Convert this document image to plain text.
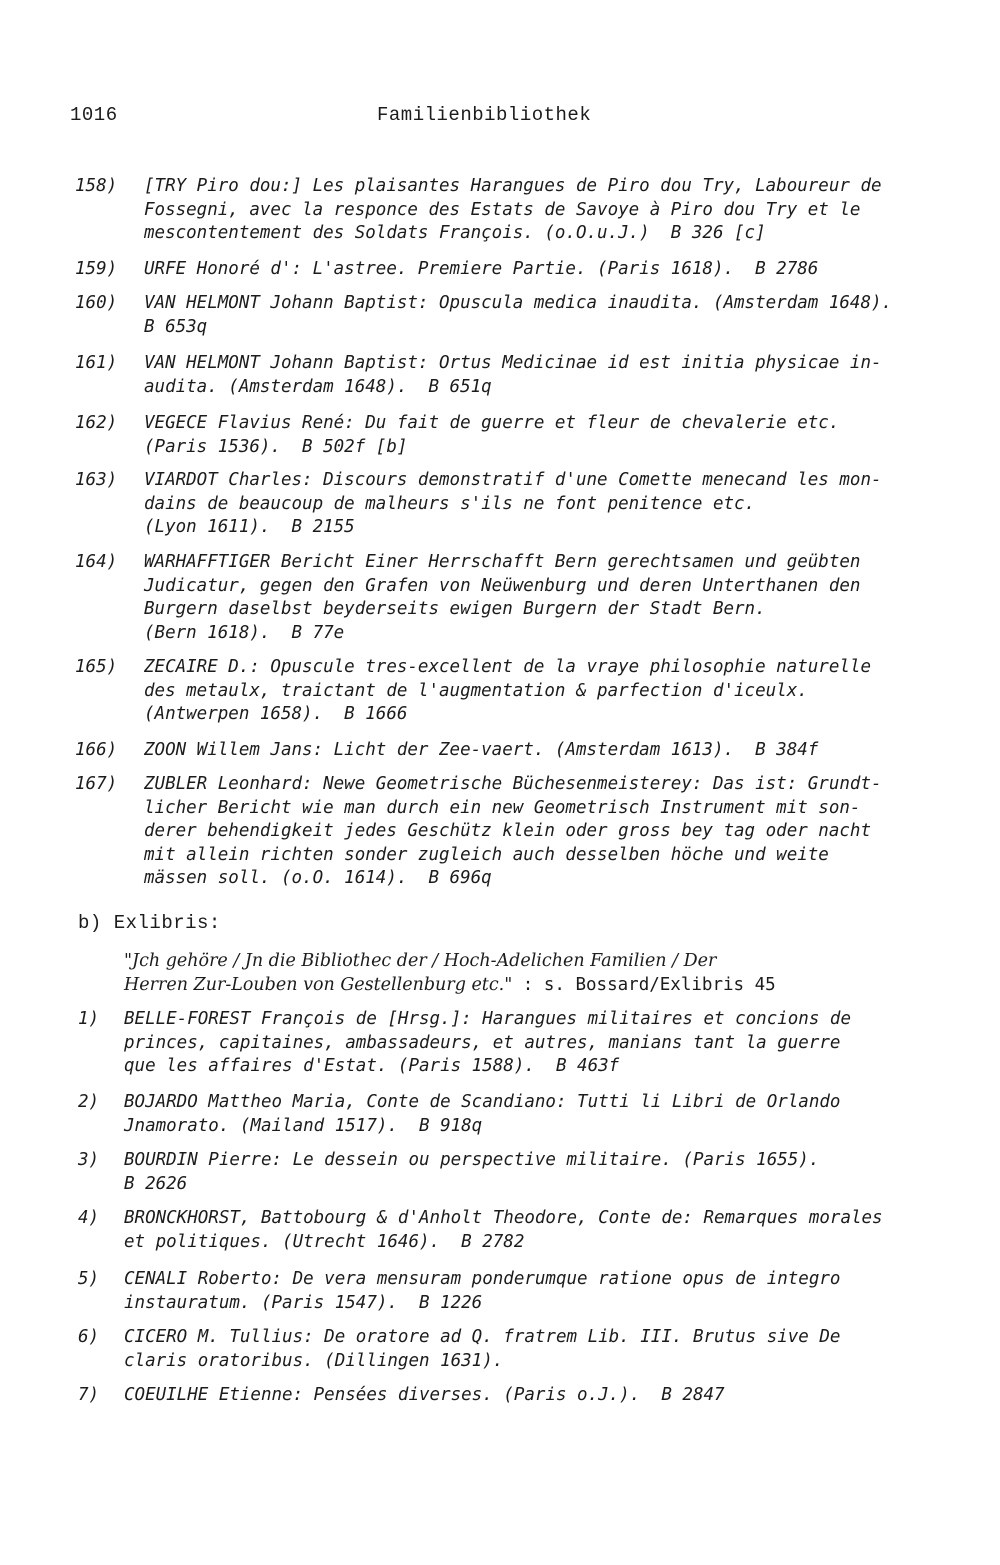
1016	Familienbibliothek
158)	[TRY Piro dou:] Les plaisantes Harangues de Piro dou Try, Laboureur de
Fossegni, avec la responce des Estats de Savoye à Piro dou Try et le
mescontentement des Soldats François. (o.O.u.J.)  B 326 [c]
159)	URFE Honoré d': L'astree. Premiere Partie. (Paris 1618).  B 2786
160)	VAN HELMONT Johann Baptist: Opuscula medica inaudita. (Amsterdam 1648).
B 653q
161)	VAN HELMONT Johann Baptist: Ortus Medicinae id est initia physicae in-
audita. (Amsterdam 1648).  B 651q
162)	VEGECE Flavius René: Du fait de guerre et fleur de chevalerie etc.
(Paris 1536).  B 502f [b]
163)	VIARDOT Charles: Discours demonstratif d'une Comette menecand les mon-
dains de beaucoup de malheurs s'ils ne font penitence etc.
(Lyon 1611).  B 2155
164)	WARHAFFTIGER Bericht Einer Herrschafft Bern gerechtsamen und geübten
Judicatur, gegen den Grafen von Neüwenburg und deren Unterthanen den
Burgern daselbst beyderseits ewigen Burgern der Stadt Bern.
(Bern 1618).  B 77e
165)	ZECAIRE D.: Opuscule tres-excellent de la vraye philosophie naturelle
des metaulx, traictant de l'augmentation & parfection d'iceulx.
(Antwerpen 1658).  B 1666
166)	ZOON Willem Jans: Licht der Zee-vaert. (Amsterdam 1613).  B 384f
167)	ZUBLER Leonhard: Newe Geometrische Büchesenmeisterey: Das ist: Grundt-
licher Bericht wie man durch ein new Geometrisch Instrument mit son-
derer behendigkeit jedes Geschütz klein oder gross bey tag oder nacht
mit allein richten sonder zugleich auch desselben höche und weite
mässen soll. (o.O. 1614).  B 696q
b) Exlibris:
"Jch gehöre / Jn die Bibliothec der / Hoch-Adelichen Familien / Der
Herren Zur-Louben von Gestellenburg etc." : s. Bossard/Exlibris 45
1)	BELLE-FOREST François de [Hrsg.]: Harangues militaires et concions de
princes, capitaines, ambassadeurs, et autres, manians tant la guerre
que les affaires d'Estat. (Paris 1588).  B 463f
2)	BOJARDO Mattheo Maria, Conte de Scandiano: Tutti li Libri de Orlando
Jnamorato. (Mailand 1517).  B 918q
3)	BOURDIN Pierre: Le dessein ou perspective militaire. (Paris 1655).
B 2626
4)	BRONCKHORST, Battobourg & d'Anholt Theodore, Conte de: Remarques morales
et politiques. (Utrecht 1646).  B 2782
5)	CENALI Roberto: De vera mensuram ponderumque ratione opus de integro
instauratum. (Paris 1547).  B 1226
6)	CICERO M. Tullius: De oratore ad Q. fratrem Lib. III. Brutus sive De
claris oratoribus. (Dillingen 1631).
7)	COEUILHE Etienne: Pensées diverses. (Paris o.J.).  B 2847
